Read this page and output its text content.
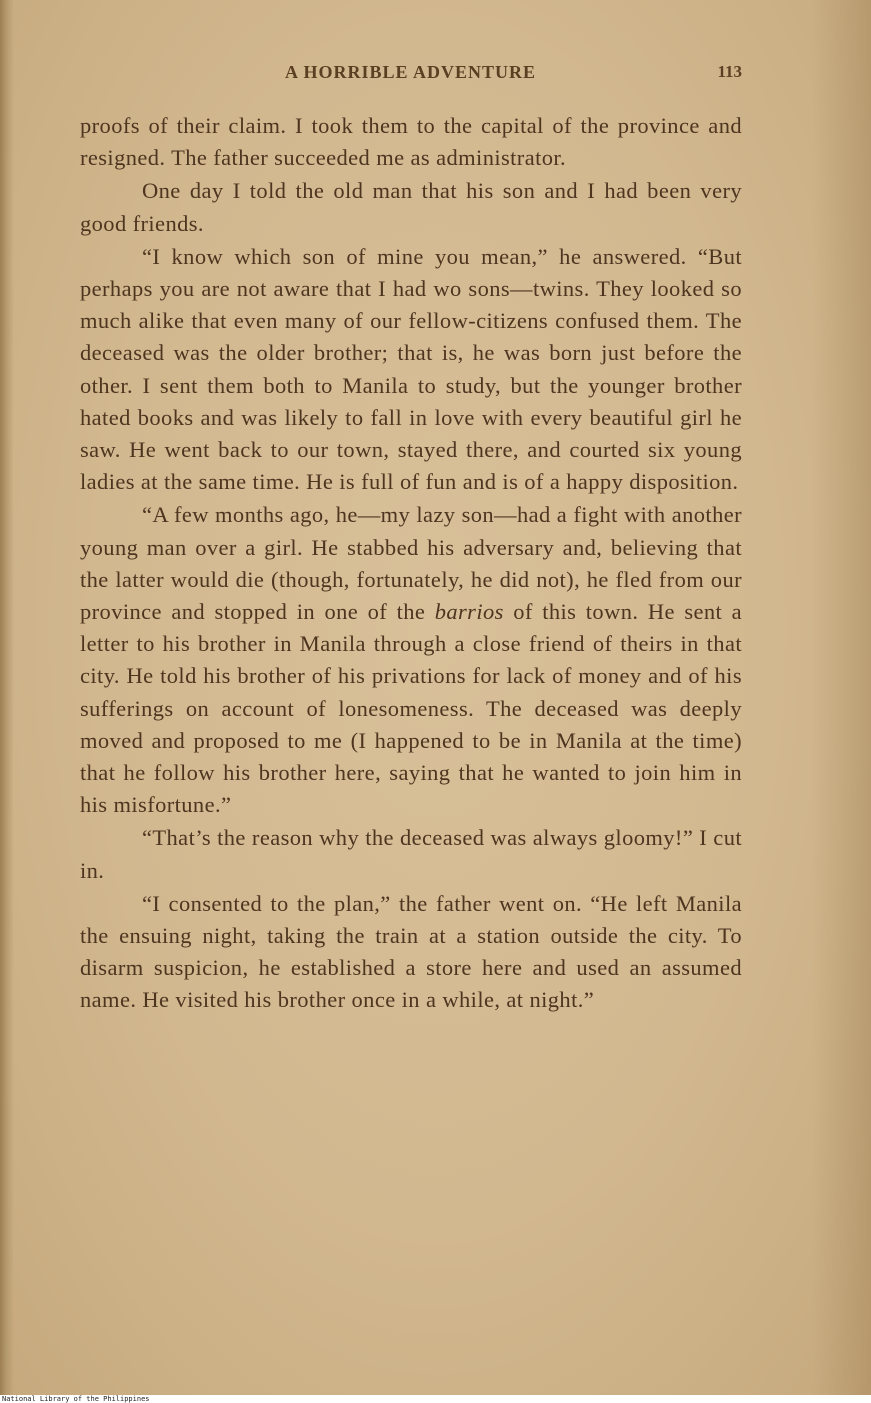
A HORRIBLE ADVENTURE	113

proofs of their claim. I took them to the capital of the province and resigned. The father succeeded me as administrator.

One day I told the old man that his son and I had been very good friends.

“I know which son of mine you mean,” he answered. “But perhaps you are not aware that I had wo sons—twins. They looked so much alike that even many of our fellow-citizens confused them. The deceased was the older brother; that is, he was born just before the other. I sent them both to Manila to study, but the younger brother hated books and was likely to fall in love with every beautiful girl he saw. He went back to our town, stayed there, and courted six young ladies at the same time. He is full of fun and is of a happy disposition.

“A few months ago, he—my lazy son—had a fight with another young man over a girl. He stabbed his adversary and, believing that the latter would die (though, fortunately, he did not), he fled from our province and stopped in one of the barrios of this town. He sent a letter to his brother in Manila through a close friend of theirs in that city. He told his brother of his privations for lack of money and of his sufferings on account of lonesomeness. The deceased was deeply moved and proposed to me (I happened to be in Manila at the time) that he follow his brother here, saying that he wanted to join him in his misfortune.”

“That’s the reason why the deceased was always gloomy!” I cut in.

“I consented to the plan,” the father went on. “He left Manila the ensuing night, taking the train at a station outside the city. To disarm suspicion, he established a store here and used an assumed name. He visited his brother once in a while, at night.”

National Library of the Philippines
